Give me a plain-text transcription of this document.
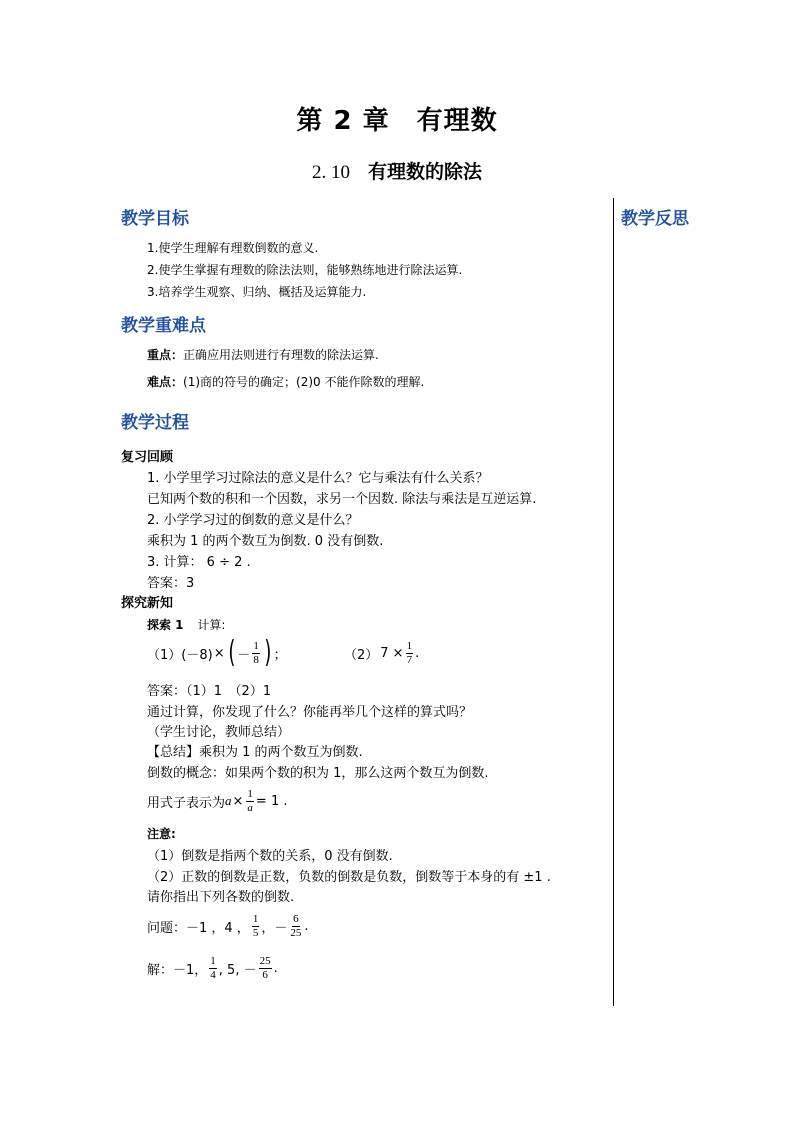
第 2 章　有理数
2. 10 有理数的除法
教学反思
教学目标
1.使学生理解有理数倒数的意义.
2.使学生掌握有理数的除法法则，能够熟练地进行除法运算.
3.培养学生观察、归纳、概括及运算能力.
教学重难点
重点：正确应用法则进行有理数的除法运算.
难点：(1)商的符号的确定；(2)0 不能作除数的理解.
教学过程
复习回顾
1. 小学里学习过除法的意义是什么？它与乘法有什么关系？
已知两个数的积和一个因数，求另一个因数. 除法与乘法是互逆运算.
2. 小学学习过的倒数的意义是什么？
乘积为 1 的两个数互为倒数. 0 没有倒数.
3. 计算： 6 ÷ 2 .
答案：3
探究新知
探索 1 计算:
（1） (－8) × ( － $\frac{1}{8}$ ) ；	（2） $7 \times \frac{1}{7}$ .
答案：（1）1　（2）1
通过计算，你发现了什么？你能再举几个这样的算式吗？
（学生讨论，教师总结）
【总结】乘积为 1 的两个数互为倒数.
倒数的概念：如果两个数的积为 1，那么这两个数互为倒数.
用式子表示为 $a \times \frac{1}{a} = 1$ .
注意:
（1）倒数是指两个数的关系，0 没有倒数.
（2）正数的倒数是正数，负数的倒数是负数，倒数等于本身的有 ±1 .
请你指出下列各数的倒数.
问题：－1 ，4 ， $\frac{1}{5}$ ，－ $\frac{6}{25}$ .
解：－1， $\frac{1}{4}$ , 5, － $\frac{25}{6}$ .
